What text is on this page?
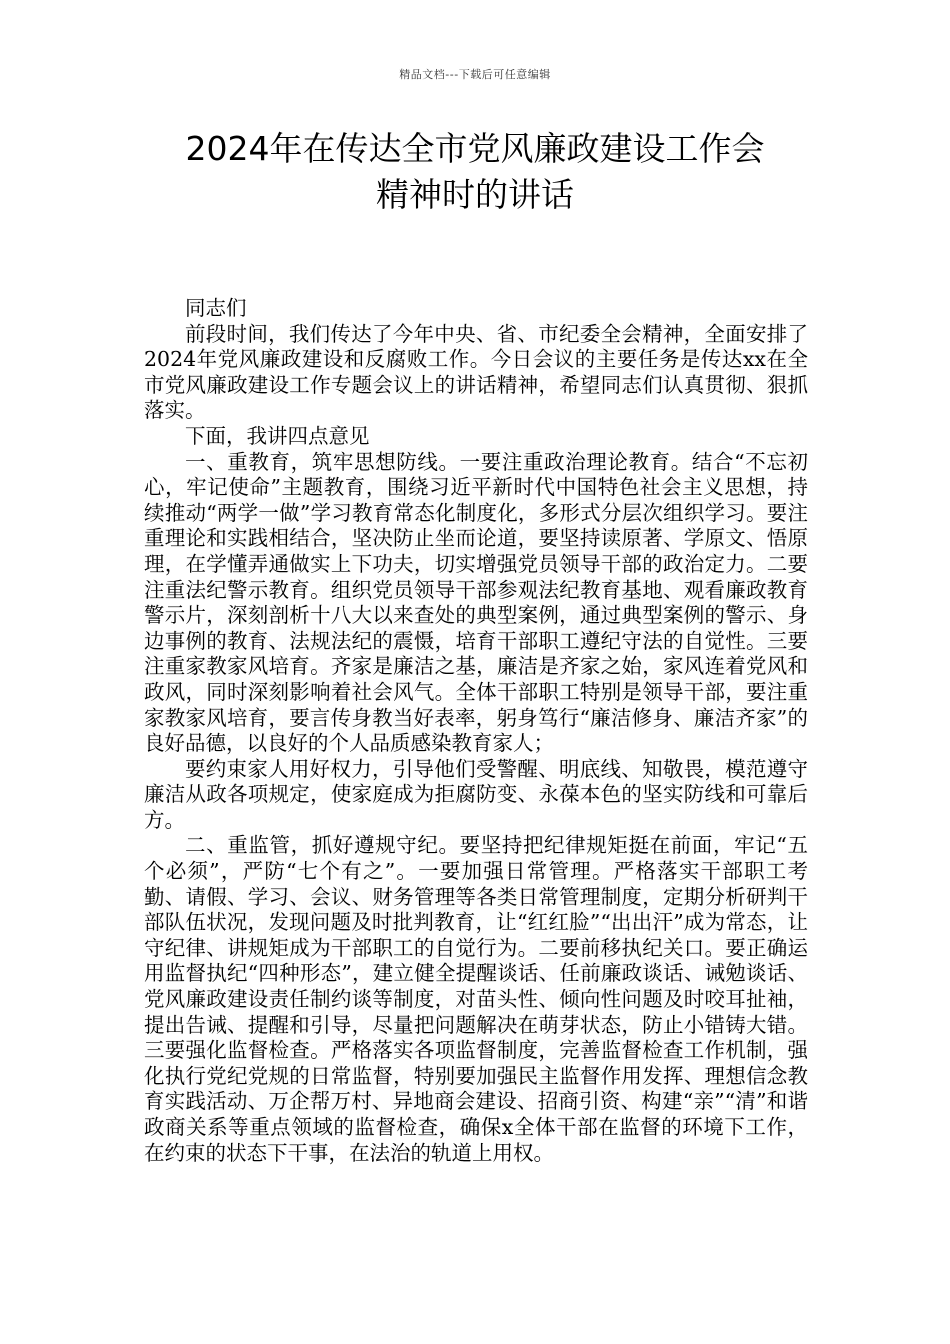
精品文档---下载后可任意编辑
2024年在传达全市党风廉政建设工作会
精神时的讲话

同志们

前段时间，我们传达了今年中央、省、市纪委全会精神，全面安排了2024年党风廉政建设和反腐败工作。今日会议的主要任务是传达xx在全市党风廉政建设工作专题会议上的讲话精神，希望同志们认真贯彻、狠抓落实。

下面，我讲四点意见

一、重教育，筑牢思想防线。一要注重政治理论教育。结合“不忘初心，牢记使命”主题教育，围绕习近平新时代中国特色社会主义思想，持续推动“两学一做”学习教育常态化制度化，多形式分层次组织学习。要注重理论和实践相结合，坚决防止坐而论道，要坚持读原著、学原文、悟原理，在学懂弄通做实上下功夫，切实增强党员领导干部的政治定力。二要注重法纪警示教育。组织党员领导干部参观法纪教育基地、观看廉政教育警示片，深刻剖析十八大以来查处的典型案例，通过典型案例的警示、身边事例的教育、法规法纪的震慑，培育干部职工遵纪守法的自觉性。三要注重家教家风培育。齐家是廉洁之基，廉洁是齐家之始，家风连着党风和政风，同时深刻影响着社会风气。全体干部职工特别是领导干部，要注重家教家风培育，要言传身教当好表率，躬身笃行“廉洁修身、廉洁齐家”的良好品德，以良好的个人品质感染教育家人；

要约束家人用好权力，引导他们受警醒、明底线、知敬畏，模范遵守廉洁从政各项规定，使家庭成为拒腐防变、永葆本色的坚实防线和可靠后方。

二、重监管，抓好遵规守纪。要坚持把纪律规矩挺在前面，牢记“五个必须”，严防“七个有之”。一要加强日常管理。严格落实干部职工考勤、请假、学习、会议、财务管理等各类日常管理制度，定期分析研判干部队伍状况，发现问题及时批判教育，让“红红脸”“出出汗”成为常态，让守纪律、讲规矩成为干部职工的自觉行为。二要前移执纪关口。要正确运用监督执纪“四种形态”，建立健全提醒谈话、任前廉政谈话、诫勉谈话、党风廉政建设责任制约谈等制度，对苗头性、倾向性问题及时咬耳扯袖，提出告诫、提醒和引导，尽量把问题解决在萌芽状态，防止小错铸大错。三要强化监督检查。严格落实各项监督制度，完善监督检查工作机制，强化执行党纪党规的日常监督，特别要加强民主监督作用发挥、理想信念教育实践活动、万企帮万村、异地商会建设、招商引资、构建“亲”“清”和谐政商关系等重点领域的监督检查，确保x全体干部在监督的环境下工作，在约束的状态下干事，在法治的轨道上用权。
